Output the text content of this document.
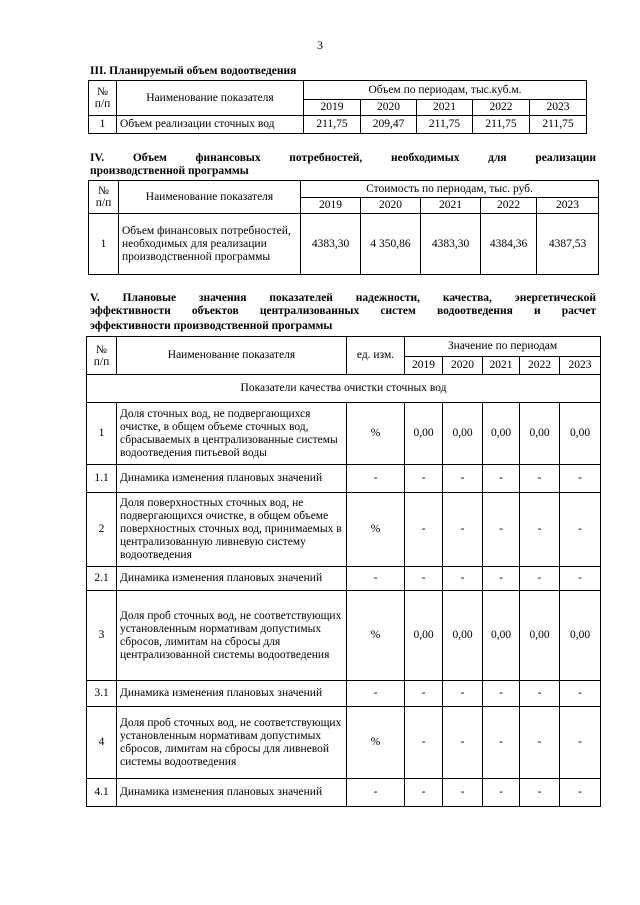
3
III. Планируемый объем водоотведения
№ п/п	Наименование показателя	Объем по периодам, тыс.куб.м.				
		2019	2020	2021	2022	2023
1	Объем реализации сточных вод	211,75	209,47	211,75	211,75	211,75
IV. Объем финансовых потребностей, необходимых для реализации
производственной программы
№ п/п	Наименование показателя	Стоимость по периодам, тыс. руб.				
		2019	2020	2021	2022	2023
1	Объем финансовых потребностей, необходимых для реализации производственной программы	4383,30	4 350,86	4383,30	4384,36	4387,53
V. Плановые значения показателей надежности, качества, энергетической
эффективности объектов централизованных систем водоотведения и расчет
эффективности производственной программы
№ п/п	Наименование показателя	ед. изм.	Значение по периодам				
			2019	2020	2021	2022	2023
Показатели качества очистки сточных вод							
1	Доля сточных вод, не подвергающихся очистке, в общем объеме сточных вод, сбрасываемых в централизованные системы водоотведения питьевой воды	%	0,00	0,00	0,00	0,00	0,00
1.1	Динамика изменения плановых значений	-	-	-	-	-	-
2	Доля поверхностных сточных вод, не подвергающихся очистке, в общем объеме поверхностных сточных вод, принимаемых в централизованную ливневую систему водоотведения	%	-	-	-	-	-
2.1	Динамика изменения плановых значений	-	-	-	-	-	-
3	Доля проб сточных вод, не соответствующих установленным нормативам допустимых сбросов, лимитам на сбросы для централизованной системы водоотведения	%	0,00	0,00	0,00	0,00	0,00
3.1	Динамика изменения плановых значений	-	-	-	-	-	-
4	Доля проб сточных вод, не соответствующих установленным нормативам допустимых сбросов, лимитам на сбросы для ливневой системы водоотведения	%	-	-	-	-	-
4.1	Динамика изменения плановых значений	-	-	-	-	-	-
